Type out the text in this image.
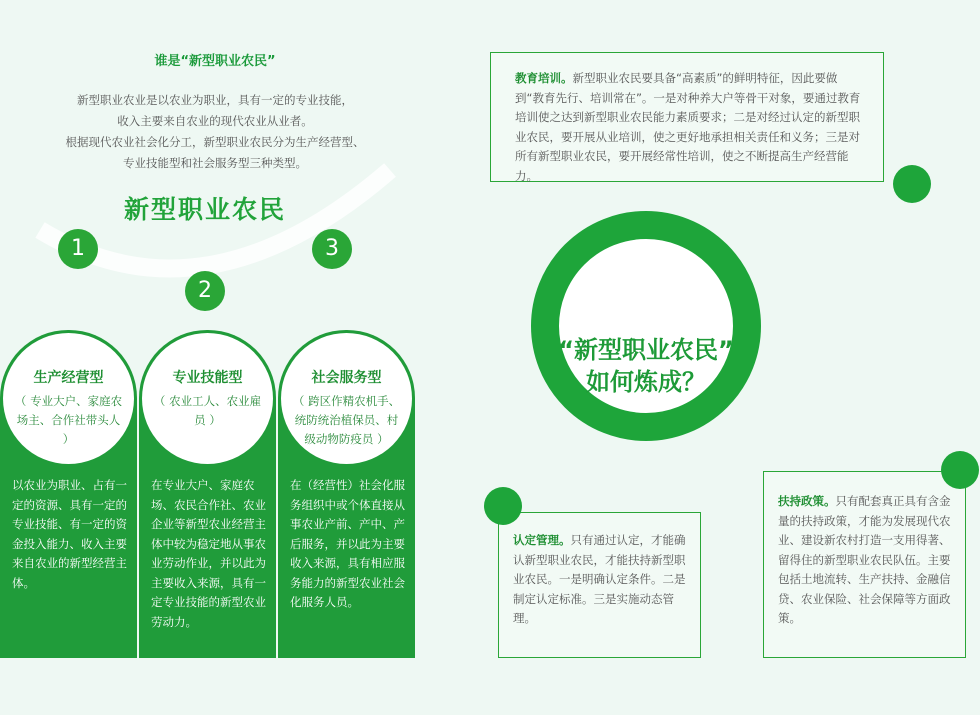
谁是“新型职业农民”
新型职业农业是以农业为职业，具有一定的专业技能，
收入主要来自农业的现代农业从业者。
根据现代农业社会化分工，新型职业农民分为生产经营型、
专业技能型和社会服务型三种类型。
新型职业农民
1
2
3
生产经营型
（ 专业大户、家庭农场主、合作社带头人 ）
以农业为职业、占有一定的资源、具有一定的专业技能、有一定的资金投入能力、收入主要来自农业的新型经营主体。
专业技能型
（ 农业工人、农业雇员 ）
在专业大户、家庭农场、农民合作社、农业企业等新型农业经营主体中较为稳定地从事农业劳动作业，并以此为主要收入来源，具有一定专业技能的新型农业劳动力。
社会服务型
（ 跨区作精农机手、统防统治植保员、村级动物防疫员 ）
在（经营性）社会化服务组织中或个体直接从事农业产前、产中、产后服务，并以此为主要收入来源，具有相应服务能力的新型农业社会化服务人员。
教育培训。新型职业农民要具备“高素质”的鲜明特征，因此要做到“教育先行、培训常在”。一是对种养大户等骨干对象，要通过教育培训使之达到新型职业农民能力素质要求；二是对经过认定的新型职业农民，要开展从业培训，使之更好地承担相关责任和义务；三是对所有新型职业农民，要开展经常性培训，使之不断提高生产经营能力。
“新型职业农民”
如何炼成？
认定管理。只有通过认定，才能确认新型职业农民，才能扶持新型职业农民。一是明确认定条件。二是制定认定标准。三是实施动态管理。
扶持政策。只有配套真正具有含金量的扶持政策，才能为发展现代农业、建设新农村打造一支用得著、留得住的新型职业农民队伍。主要包括土地流转、生产扶持、金融信贷、农业保险、社会保障等方面政策。
